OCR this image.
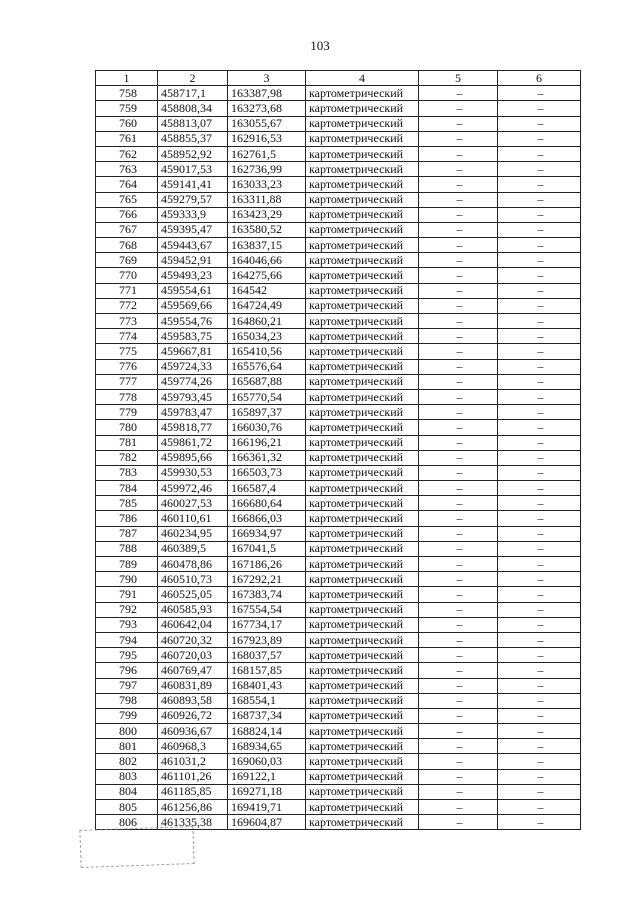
103
1	2	3	4	5	6
758	458717,1	163387,98	картометрический	–	–
759	458808,34	163273,68	картометрический	–	–
760	458813,07	163055,67	картометрический	–	–
761	458855,37	162916,53	картометрический	–	–
762	458952,92	162761,5	картометрический	–	–
763	459017,53	162736,99	картометрический	–	–
764	459141,41	163033,23	картометрический	–	–
765	459279,57	163311,88	картометрический	–	–
766	459333,9	163423,29	картометрический	–	–
767	459395,47	163580,52	картометрический	–	–
768	459443,67	163837,15	картометрический	–	–
769	459452,91	164046,66	картометрический	–	–
770	459493,23	164275,66	картометрический	–	–
771	459554,61	164542	картометрический	–	–
772	459569,66	164724,49	картометрический	–	–
773	459554,76	164860,21	картометрический	–	–
774	459583,75	165034,23	картометрический	–	–
775	459667,81	165410,56	картометрический	–	–
776	459724,33	165576,64	картометрический	–	–
777	459774,26	165687,88	картометрический	–	–
778	459793,45	165770,54	картометрический	–	–
779	459783,47	165897,37	картометрический	–	–
780	459818,77	166030,76	картометрический	–	–
781	459861,72	166196,21	картометрический	–	–
782	459895,66	166361,32	картометрический	–	–
783	459930,53	166503,73	картометрический	–	–
784	459972,46	166587,4	картометрический	–	–
785	460027,53	166680,64	картометрический	–	–
786	460110,61	166866,03	картометрический	–	–
787	460234,95	166934,97	картометрический	–	–
788	460389,5	167041,5	картометрический	–	–
789	460478,86	167186,26	картометрический	–	–
790	460510,73	167292,21	картометрический	–	–
791	460525,05	167383,74	картометрический	–	–
792	460585,93	167554,54	картометрический	–	–
793	460642,04	167734,17	картометрический	–	–
794	460720,32	167923,89	картометрический	–	–
795	460720,03	168037,57	картометрический	–	–
796	460769,47	168157,85	картометрический	–	–
797	460831,89	168401,43	картометрический	–	–
798	460893,58	168554,1	картометрический	–	–
799	460926,72	168737,34	картометрический	–	–
800	460936,67	168824,14	картометрический	–	–
801	460968,3	168934,65	картометрический	–	–
802	461031,2	169060,03	картометрический	–	–
803	461101,26	169122,1	картометрический	–	–
804	461185,85	169271,18	картометрический	–	–
805	461256,86	169419,71	картометрический	–	–
806	461335,38	169604,87	картометрический	–	–
